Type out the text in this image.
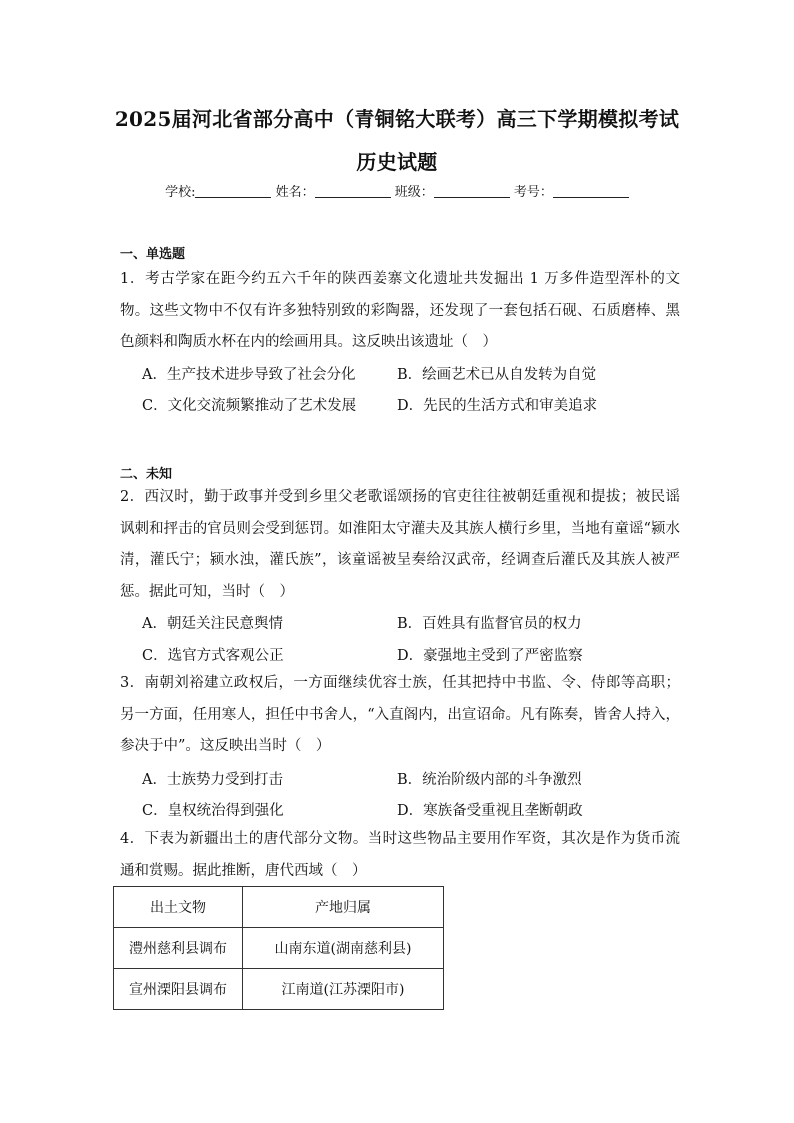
2025届河北省部分高中（青铜铭大联考）高三下学期模拟考试
历史试题
学校:	姓名：	班级：	考号：
一、单选题
1．考古学家在距今约五六千年的陕西姜寨文化遗址共发掘出 1 万多件造型浑朴的文物。这些文物中不仅有许多独特别致的彩陶器，还发现了一套包括石砚、石质磨棒、黑色颜料和陶质水杯在内的绘画用具。这反映出该遗址（　）
A．生产技术进步导致了社会分化	B．绘画艺术已从自发转为自觉
C．文化交流频繁推动了艺术发展	D．先民的生活方式和审美追求
二、未知
2．西汉时，勤于政事并受到乡里父老歌谣颂扬的官吏往往被朝廷重视和提拔；被民谣讽刺和抨击的官员则会受到惩罚。如淮阳太守灌夫及其族人横行乡里，当地有童谣“颍水清，灌氏宁；颍水浊，灌氏族”，该童谣被呈奏给汉武帝，经调查后灌氏及其族人被严惩。据此可知，当时（　）
A．朝廷关注民意舆情	B．百姓具有监督官员的权力
C．选官方式客观公正	D．豪强地主受到了严密监察
3．南朝刘裕建立政权后，一方面继续优容士族，任其把持中书监、令、侍郎等高职；另一方面，任用寒人，担任中书舍人，“入直阁内，出宣诏命。凡有陈奏，皆舍人持入，参决于中”。这反映出当时（　）
A．士族势力受到打击	B．统治阶级内部的斗争激烈
C．皇权统治得到强化	D．寒族备受重视且垄断朝政
4．下表为新疆出土的唐代部分文物。当时这些物品主要用作军资，其次是作为货币流通和赏赐。据此推断，唐代西域（　）
出土文物	产地归属
澧州慈利县调布	山南东道(湖南慈利县)
宣州溧阳县调布	江南道(江苏溧阳市)
